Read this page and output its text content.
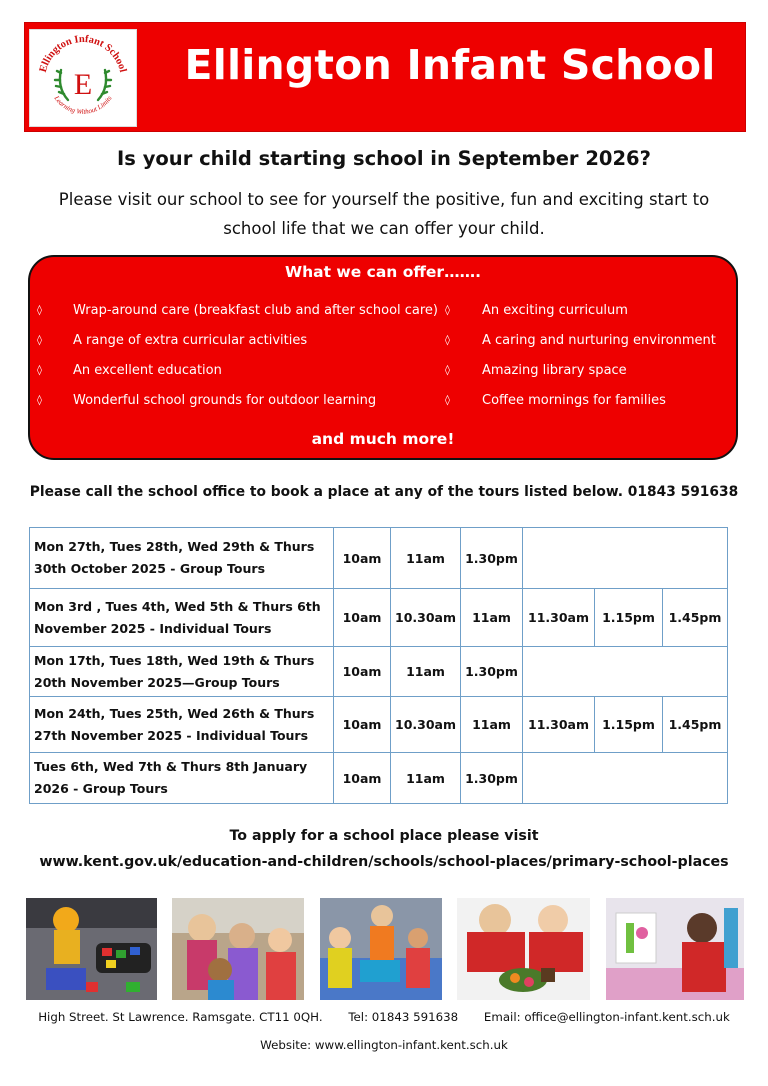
Ellington Infant School
E
Learning Without Limits
Ellington Infant School
Is your child starting school in September 2026?
Please visit our school to see for yourself the positive, fun and exciting start to school life that we can offer your child.
What we can offer…….
◊ Wrap-around care (breakfast club and after school care)
◊ A range of extra curricular activities
◊ An excellent education
◊ Wonderful school grounds for outdoor learning
◊ An exciting curriculum
◊ A caring and nurturing environment
◊ Amazing library space
◊ Coffee mornings for families
and much more!
Please call the school office to book a place at any of the tours listed below. 01843 591638
Mon 27th, Tues 28th, Wed 29th & Thurs 30th October 2025 - Group Tours	10am	11am	1.30pm			
Mon 3rd , Tues 4th, Wed 5th & Thurs 6th November 2025 - Individual Tours	10am	10.30am	11am	11.30am	1.15pm	1.45pm
Mon 17th, Tues 18th, Wed 19th & Thurs 20th November 2025—Group Tours	10am	11am	1.30pm			
Mon 24th, Tues 25th, Wed 26th & Thurs 27th November 2025 - Individual Tours	10am	10.30am	11am	11.30am	1.15pm	1.45pm
Tues 6th, Wed 7th & Thurs 8th January 2026 - Group Tours	10am	11am	1.30pm			
To apply for a school place please visit
www.kent.gov.uk/education-and-children/schools/school-places/primary-school-places
High Street. St Lawrence. Ramsgate. CT11 0QH. Tel: 01843 591638 Email: office@ellington-infant.kent.sch.uk
Website: www.ellington-infant.kent.sch.uk
